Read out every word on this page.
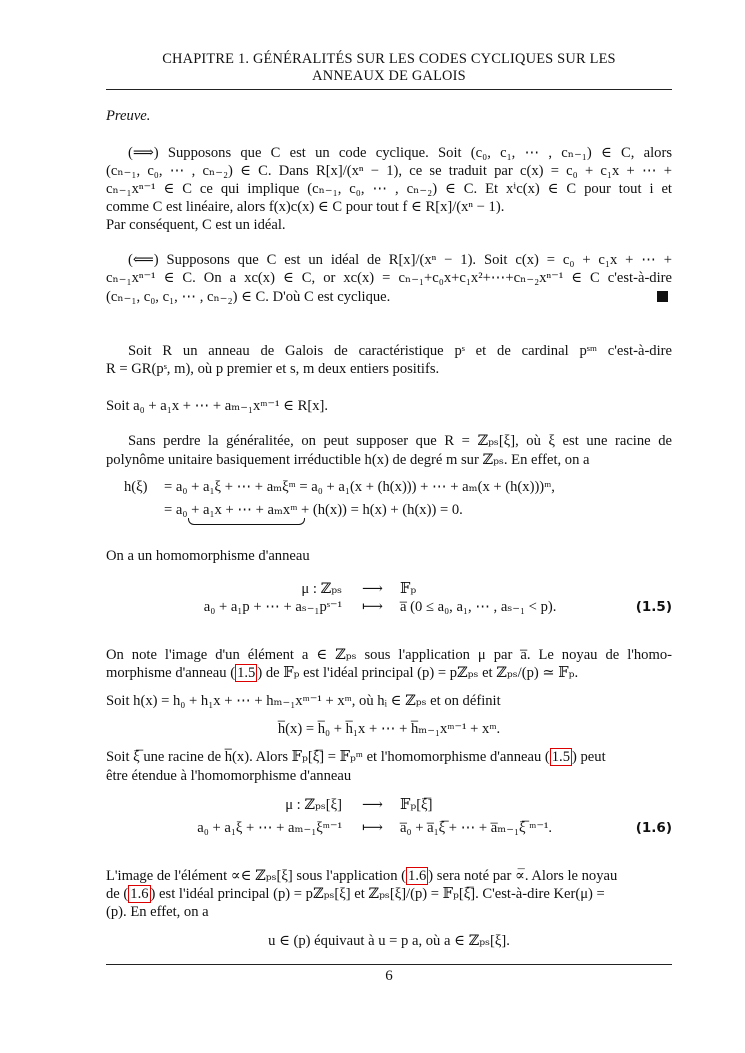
CHAPITRE 1. GÉNÉRALITÉS SUR LES CODES CYCLIQUES SUR LES
ANNEAUX DE GALOIS
Preuve.
(⟹) Supposons que C est un code cyclique. Soit (c₀, c₁, ⋯ , cₙ₋₁) ∈ C, alors
(cₙ₋₁, c₀, ⋯ , cₙ₋₂) ∈ C. Dans R[x]/(xⁿ − 1), ce se traduit par c(x) = c₀ + c₁x + ⋯ +
cₙ₋₁xⁿ⁻¹ ∈ C ce qui implique (cₙ₋₁, c₀, ⋯ , cₙ₋₂) ∈ C. Et xⁱc(x) ∈ C pour tout i et
comme C est linéaire, alors f(x)c(x) ∈ C pour tout f ∈ R[x]/(xⁿ − 1).
Par conséquent, C est un idéal.
(⟸) Supposons que C est un idéal de R[x]/(xⁿ − 1). Soit c(x) = c₀ + c₁x + ⋯ +
cₙ₋₁xⁿ⁻¹ ∈ C. On a xc(x) ∈ C, or xc(x) = cₙ₋₁+c₀x+c₁x²+⋯+cₙ₋₂xⁿ⁻¹ ∈ C c'est-à-dire
(cₙ₋₁, c₀, c₁, ⋯ , cₙ₋₂) ∈ C. D'où C est cyclique.
Soit R un anneau de Galois de caractéristique pˢ et de cardinal pˢᵐ c'est-à-dire
R = GR(pˢ, m), où p premier et s, m deux entiers positifs.
Soit a₀ + a₁x + ⋯ + aₘ₋₁xᵐ⁻¹ ∈ R[x].
Sans perdre la généralitée, on peut supposer que R = ℤₚₛ[ξ], où ξ est une racine de
polynôme unitaire basiquement irréductible h(x) de degré m sur ℤₚₛ. En effet, on a
h(ξ) = a₀ + a₁ξ + ⋯ + aₘξᵐ = a₀ + a₁(x + (h(x))) + ⋯ + aₘ(x + (h(x)))ᵐ,
= a₀ + a₁x + ⋯ + aₘxᵐ + (h(x)) = h(x) + (h(x)) = 0.
On a un homomorphisme d'anneau
μ : ℤₚₛ ⟶ 𝔽ₚ
a₀ + a₁p + ⋯ + aₛ₋₁pˢ⁻¹ ⟼ a̅ (0 ≤ a₀, a₁, ⋯ , aₛ₋₁ < p).	(1.5)
On note l'image d'un élément a ∈ ℤₚₛ sous l'application μ par a̅. Le noyau de l'homo-
morphisme d'anneau ( 1.5 ) de 𝔽ₚ est l'idéal principal (p) = pℤₚₛ et ℤₚₛ/(p) ≃ 𝔽ₚ.
Soit h(x) = h₀ + h₁x + ⋯ + hₘ₋₁xᵐ⁻¹ + xᵐ, où hᵢ ∈ ℤₚₛ et on définit
h̅(x) = h̅₀ + h̅₁x + ⋯ + h̅ₘ₋₁xᵐ⁻¹ + xᵐ.
Soit ξ̅ une racine de h̅(x). Alors 𝔽ₚ[ξ̅] = 𝔽ₚᵐ et l'homomorphisme d'anneau ( 1.5 ) peut
être étendue à l'homomorphisme d'anneau
μ : ℤₚₛ[ξ] ⟶ 𝔽ₚ[ξ̅]
a₀ + a₁ξ + ⋯ + aₘ₋₁ξᵐ⁻¹ ⟼ a̅₀ + a̅₁ξ̅ + ⋯ + a̅ₘ₋₁ξ̅ ᵐ⁻¹.	(1.6)
L'image de l'élément ∝∈ ℤₚₛ[ξ] sous l'application ( 1.6 ) sera noté par ∝̅. Alors le noyau
de ( 1.6 ) est l'idéal principal (p) = pℤₚₛ[ξ] et ℤₚₛ[ξ]/(p) = 𝔽ₚ[ξ̅]. C'est-à-dire Ker(μ) =
(p). En effet, on a
u ∈ (p) équivaut à u = p a, où a ∈ ℤₚₛ[ξ].
6
